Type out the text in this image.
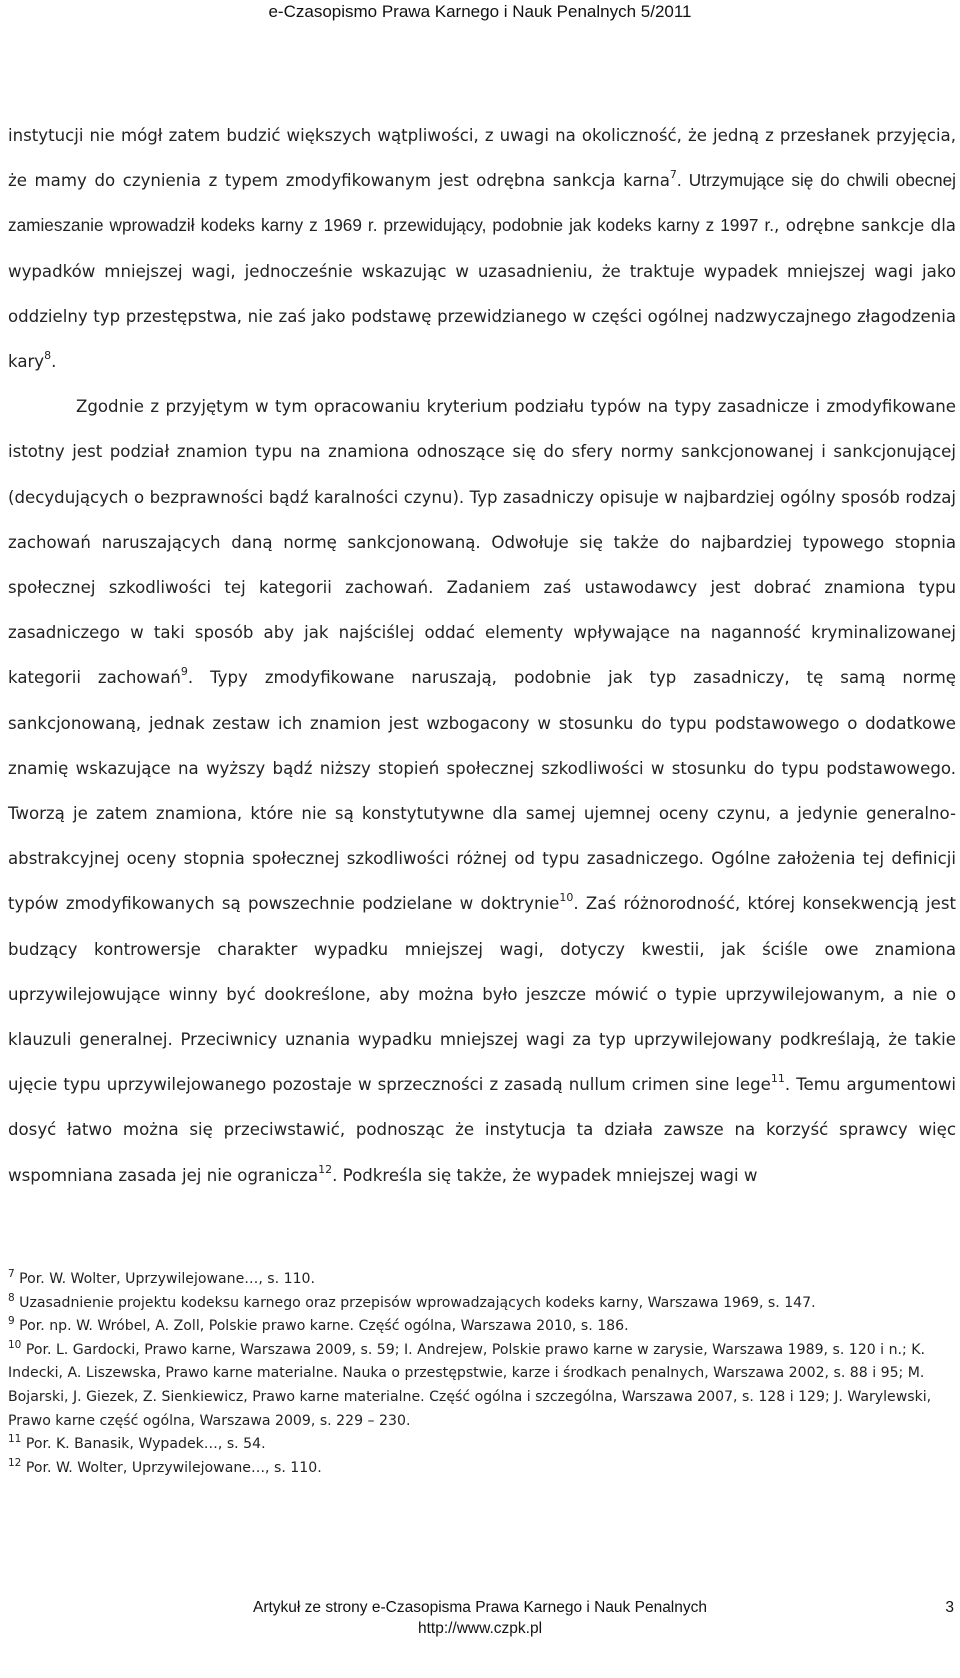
e-Czasopismo Prawa Karnego i Nauk Penalnych 5/2011

instytucji nie mógł zatem budzić większych wątpliwości, z uwagi na okoliczność, że jedną z przesłanek przyjęcia, że mamy do czynienia z typem zmodyfikowanym jest odrębna sankcja karna$^7$. Utrzymujące się do chwili obecnej zamieszanie wprowadził kodeks karny z 1969 r. przewidujący, podobnie jak kodeks karny z 1997 r., odrębne sankcje dla wypadków mniejszej wagi, jednocześnie wskazując w uzasadnieniu, że traktuje wypadek mniejszej wagi jako oddzielny typ przestępstwa, nie zaś jako podstawę przewidzianego w części ogólnej nadzwyczajnego złagodzenia kary$^8$.

Zgodnie z przyjętym w tym opracowaniu kryterium podziału typów na typy zasadnicze i zmodyfikowane istotny jest podział znamion typu na znamiona odnoszące się do sfery normy sankcjonowanej i sankcjonującej (decydujących o bezprawności bądź karalności czynu). Typ zasadniczy opisuje w najbardziej ogólny sposób rodzaj zachowań naruszających daną normę sankcjonowaną. Odwołuje się także do najbardziej typowego stopnia społecznej szkodliwości tej kategorii zachowań. Zadaniem zaś ustawodawcy jest dobrać znamiona typu zasadniczego w taki sposób aby jak najściślej oddać elementy wpływające na naganność kryminalizowanej kategorii zachowań$^9$. Typy zmodyfikowane naruszają, podobnie jak typ zasadniczy, tę samą normę sankcjonowaną, jednak zestaw ich znamion jest wzbogacony w stosunku do typu podstawowego o dodatkowe znamię wskazujące na wyższy bądź niższy stopień społecznej szkodliwości w stosunku do typu podstawowego. Tworzą je zatem znamiona, które nie są konstytutywne dla samej ujemnej oceny czynu, a jedynie generalno-abstrakcyjnej oceny stopnia społecznej szkodliwości różnej od typu zasadniczego. Ogólne założenia tej definicji typów zmodyfikowanych są powszechnie podzielane w doktrynie$^{10}$. Zaś różnorodność, której konsekwencją jest budzący kontrowersje charakter wypadku mniejszej wagi, dotyczy kwestii, jak ściśle owe znamiona uprzywilejowujące winny być dookreślone, aby można było jeszcze mówić o typie uprzywilejowanym, a nie o klauzuli generalnej. Przeciwnicy uznania wypadku mniejszej wagi za typ uprzywilejowany podkreślają, że takie ujęcie typu uprzywilejowanego pozostaje w sprzeczności z zasadą nullum crimen sine lege$^{11}$. Temu argumentowi dosyć łatwo można się przeciwstawić, podnosząc że instytucja ta działa zawsze na korzyść sprawcy więc wspomniana zasada jej nie ogranicza$^{12}$. Podkreśla się także, że wypadek mniejszej wagi w

$^7$ Por. W. Wolter, Uprzywilejowane…, s. 110.

$^8$ Uzasadnienie projektu kodeksu karnego oraz przepisów wprowadzających kodeks karny, Warszawa 1969, s. 147.

$^9$ Por. np. W. Wróbel, A. Zoll, Polskie prawo karne. Część ogólna, Warszawa 2010, s. 186.

$^{10}$ Por. L. Gardocki, Prawo karne, Warszawa 2009, s. 59; I. Andrejew, Polskie prawo karne w zarysie, Warszawa 1989, s. 120 i n.; K. Indecki, A. Liszewska, Prawo karne materialne. Nauka o przestępstwie, karze i środkach penalnych, Warszawa 2002, s. 88 i 95; M. Bojarski, J. Giezek, Z. Sienkiewicz, Prawo karne materialne. Część ogólna i szczególna, Warszawa 2007, s. 128 i 129; J. Warylewski, Prawo karne część ogólna, Warszawa 2009, s. 229 – 230.

$^{11}$ Por. K. Banasik, Wypadek…, s. 54.

$^{12}$ Por. W. Wolter, Uprzywilejowane…, s. 110.

Artykuł ze strony e-Czasopisma Prawa Karnego i Nauk Penalnych
http://www.czpk.pl
3
